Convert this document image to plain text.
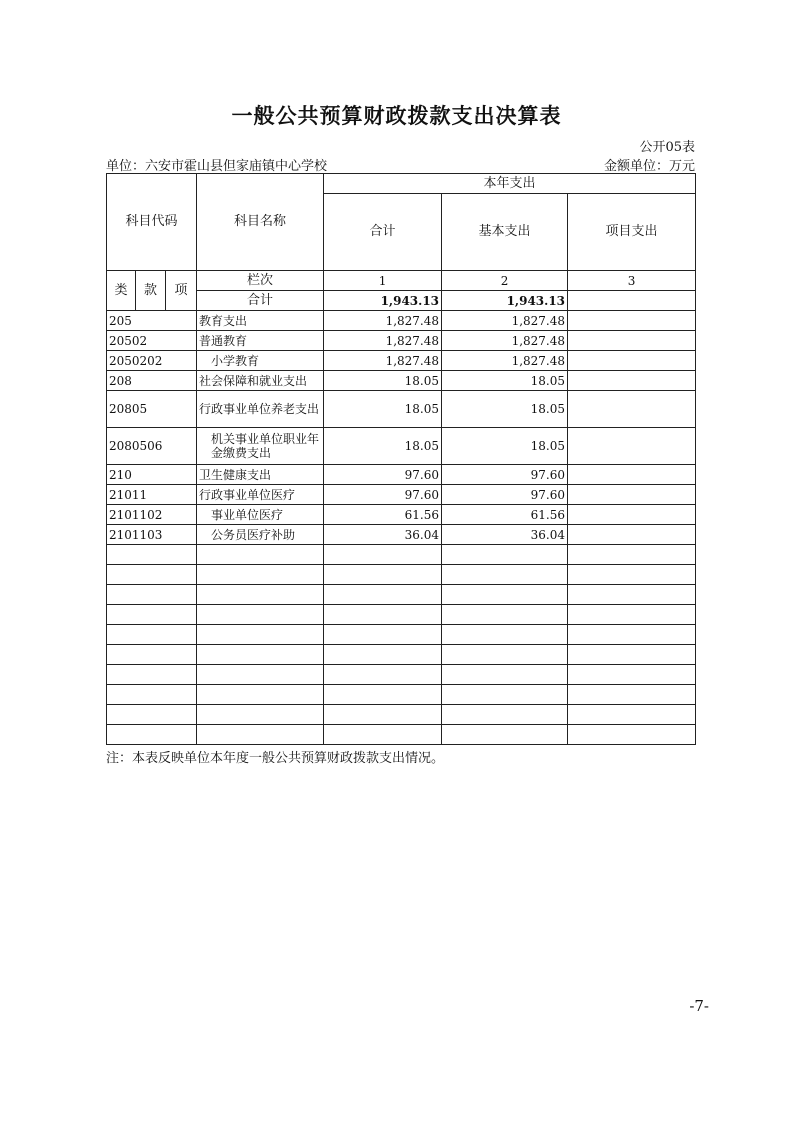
一般公共预算财政拨款支出决算表
公开05表
单位：六安市霍山县但家庙镇中心学校	金额单位：万元
科目代码			科目名称	本年支出		
				合计	基本支出	项目支出
类	款	项	栏次	1	2	3
			合计	1,943.13	1,943.13	
205			教育支出	1,827.48	1,827.48	
20502			普通教育	1,827.48	1,827.48	
2050202			小学教育	1,827.48	1,827.48	
208			社会保障和就业支出	18.05	18.05	
20805			行政事业单位养老支出	18.05	18.05	
2080506			机关事业单位职业年金缴费支出	18.05	18.05	
210			卫生健康支出	97.60	97.60	
21011			行政事业单位医疗	97.60	97.60	
2101102			事业单位医疗	61.56	61.56	
2101103			公务员医疗补助	36.04	36.04	

注：本表反映单位本年度一般公共预算财政拨款支出情况。
-7-
